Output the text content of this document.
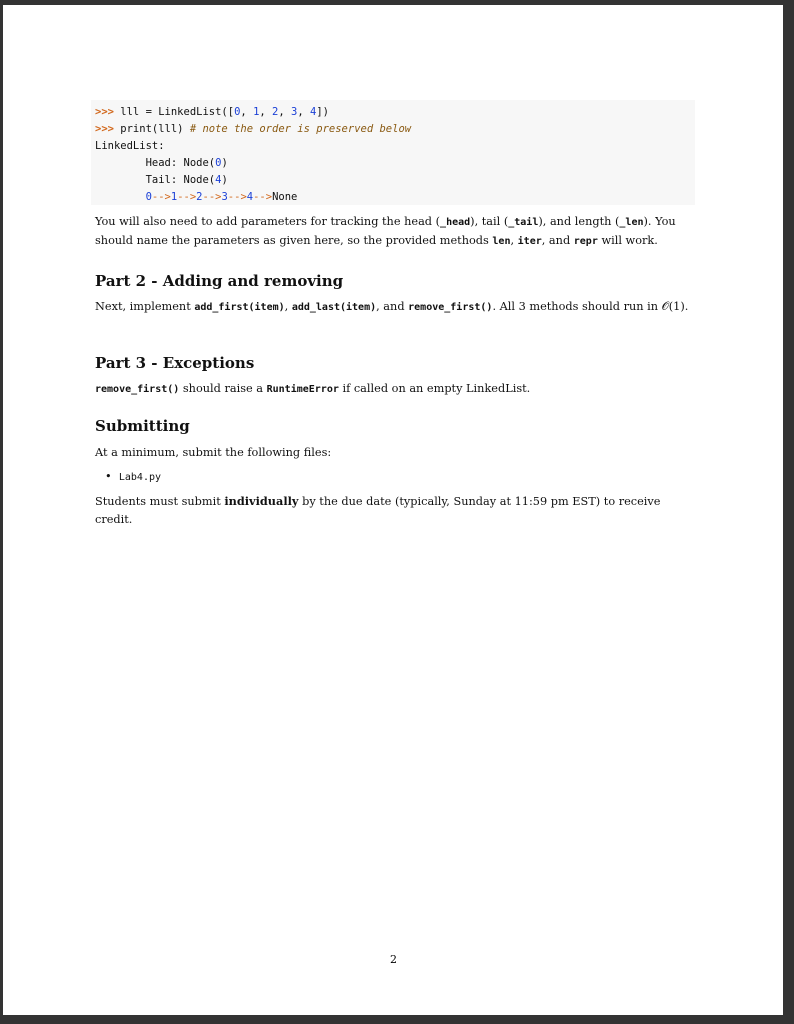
>>> lll = LinkedList([0, 1, 2, 3, 4])
>>> print(lll) # note the order is preserved below
LinkedList:
Head: Node(0)
Tail: Node(4)
0-->1-->2-->3-->4-->None

You will also need to add parameters for tracking the head (_head), tail (_tail), and length (_len). You should name the parameters as given here, so the provided methods len, iter, and repr will work.

Part 2 - Adding and removing

Next, implement add_first(item), add_last(item), and remove_first(). All 3 methods should run in 𝒪(1).

Part 3 - Exceptions

remove_first() should raise a RuntimeError if called on an empty LinkedList.

Submitting

At a minimum, submit the following files:

•  Lab4.py

Students must submit individually by the due date (typically, Sunday at 11:59 pm EST) to receive credit.

2
